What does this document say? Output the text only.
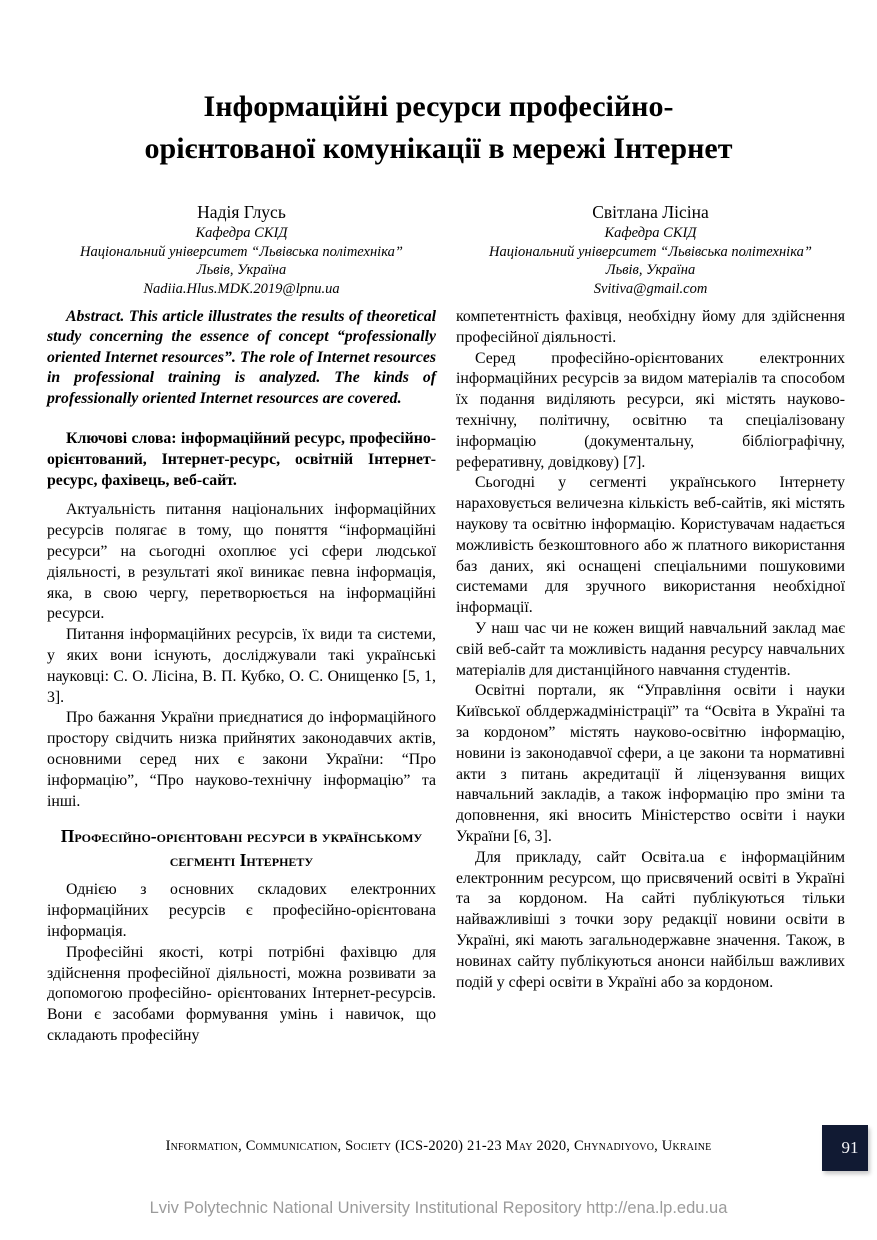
Інформаційні ресурси професійно-
орієнтованої комунікації в мережі Інтернет
Надія Глусь
Кафедра СКІД
Національний університет “Львівська політехніка”
Львів, Україна
Nadiia.Hlus.MDK.2019@lpnu.ua

Abstract. This article illustrates the results of theoretical study concerning the essence of concept “professionally oriented Internet resources”. The role of Internet resources in professional training is analyzed. The kinds of professionally oriented Internet resources are covered.

Ключові слова: інформаційний ресурс, професійно-орієнтований, Інтернет-ресурс, освітній Інтернет-ресурс, фахівець, веб-сайт.

Актуальність питання національних інформаційних ресурсів полягає в тому, що поняття “інформаційні ресурси” на сьогодні охоплює усі сфери людської діяльності, в результаті якої виникає певна інформація, яка, в свою чергу, перетворюється на інформаційні ресурси.

Питання інформаційних ресурсів, їх види та системи, у яких вони існують, досліджували такі українські науковці: С. О. Лісіна, В. П. Кубко, О. С. Онищенко [5, 1, 3].

Про бажання України приєднатися до інформаційного простору свідчить низка прийнятих законодавчих актів, основними серед них є закони України: “Про інформацію”, “Про науково-технічну інформацію” та інші.

Професійно-орієнтовані ресурси в українському сегменті Інтернету

Однією з основних складових електронних інформаційних ресурсів є професійно-орієнтована інформація.

Професійні якості, котрі потрібні фахівцю для здійснення професійної діяльності, можна розвивати за допомогою професійно- орієнтованих Інтернет-ресурсів. Вони є засобами формування умінь і навичок, що складають професійну

Світлана Лісіна
Кафедра СКІД
Національний університет “Львівська політехніка”
Львів, Україна
Svitiva@gmail.com

компетентність фахівця, необхідну йому для здійснення професійної діяльності.

Серед професійно-орієнтованих електронних інформаційних ресурсів за видом матеріалів та способом їх подання виділяють ресурси, які містять науково-технічну, політичну, освітню та спеціалізовану інформацію (документальну, бібліографічну, реферативну, довідкову) [7].

Сьогодні у сегменті українського Інтернету нараховується величезна кількість веб-сайтів, які містять наукову та освітню інформацію. Користувачам надається можливість безкоштовного або ж платного використання баз даних, які оснащені спеціальними пошуковими системами для зручного використання необхідної інформації.

У наш час чи не кожен вищий навчальний заклад має свій веб-сайт та можливість надання ресурсу навчальних матеріалів для дистанційного навчання студентів.

Освітні портали, як “Управління освіти і науки Київської облдержадміністрації” та “Освіта в Україні та за кордоном” містять науково-освітню інформацію, новини із законодавчої сфери, а це закони та нормативні акти з питань акредитації й ліцензування вищих навчальний закладів, а також інформацію про зміни та доповнення, які вносить Міністерство освіти і науки України [6, 3].

Для прикладу, сайт Освіта.ua є інформаційним електронним ресурсом, що присвячений освіті в Україні та за кордоном. На сайті публікуються тільки найважливіші з точки зору редакції новини освіти в Україні, які мають загальнодержавне значення. Також, в новинах сайту публікуються анонси найбільш важливих подій у сфері освіти в Україні або за кордоном.

Information, Communication, Society (ICS-2020) 21-23 May 2020, Chynadiyovo, Ukraine	91
Lviv Polytechnic National University Institutional Repository http://ena.lp.edu.ua
